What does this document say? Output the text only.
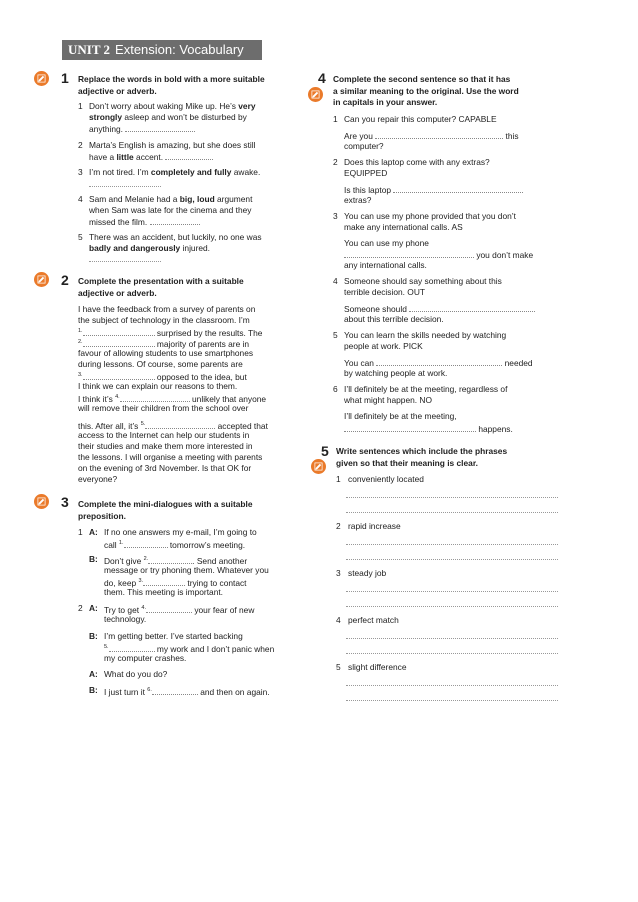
UNIT 2 Extension: Vocabulary
1 Replace the words in bold with a more suitable
adjective or adverb.
1 Don’t worry about waking Mike up. He’s very
strongly asleep and won’t be disturbed by
anything.
2 Marta’s English is amazing, but she does still
have a little accent.
3 I’m not tired. I’m completely and fully awake.
4 Sam and Melanie had a big, loud argument
when Sam was late for the cinema and they
missed the film.
5 There was an accident, but luckily, no one was
badly and dangerously injured.
2 Complete the presentation with a suitable
adjective or adverb.
I have the feedback from a survey of parents on
the subject of technology in the classroom. I’m
$^{1.}$	surprised by the results. The
$^{2.}$	majority of parents are in
favour of allowing students to use smartphones
during lessons. Of course, some parents are
$^{3.}$	opposed to the idea, but
I think we can explain our reasons to them.
I think it’s $^{4.}$	unlikely that anyone
will remove their children from the school over
this. After all, it’s $^{5.}$	accepted that
access to the Internet can help our students in
their studies and make them more interested in
the lessons. I will organise a meeting with parents
on the evening of 3rd November. Is that OK for
everyone?
3 Complete the mini-dialogues with a suitable
preposition.
1 A: If no one answers my e-mail, I’m going to
call $^{1.}$	tomorrow’s meeting.
B: Don’t give $^{2.}$	. Send another
message or try phoning them. Whatever you
do, keep $^{3.}$	trying to contact
them. This meeting is important.
2 A: Try to get $^{4.}$	your fear of new
technology.
B: I’m getting better. I’ve started backing
$^{5.}$	my work and I don’t panic when
my computer crashes.
A: What do you do?
B: I just turn it $^{6.}$	and then on again.
4 Complete the second sentence so that it has
a similar meaning to the original. Use the word
in capitals in your answer.
1 Can you repair this computer? CAPABLE
Are you	this
computer?
2 Does this laptop come with any extras?
EQUIPPED
Is this laptop
extras?
3 You can use my phone provided that you don’t
make any international calls. AS
You can use my phone
you don’t make
any international calls.
4 Someone should say something about this
terrible decision. OUT
Someone should
about this terrible decision.
5 You can learn the skills needed by watching
people at work. PICK
You can	needed
by watching people at work.
6 I’ll definitely be at the meeting, regardless of
what might happen. NO
I’ll definitely be at the meeting,
happens.
5 Write sentences which include the phrases
given so that their meaning is clear.
1 conveniently located
2 rapid increase
3 steady job
4 perfect match
5 slight difference
